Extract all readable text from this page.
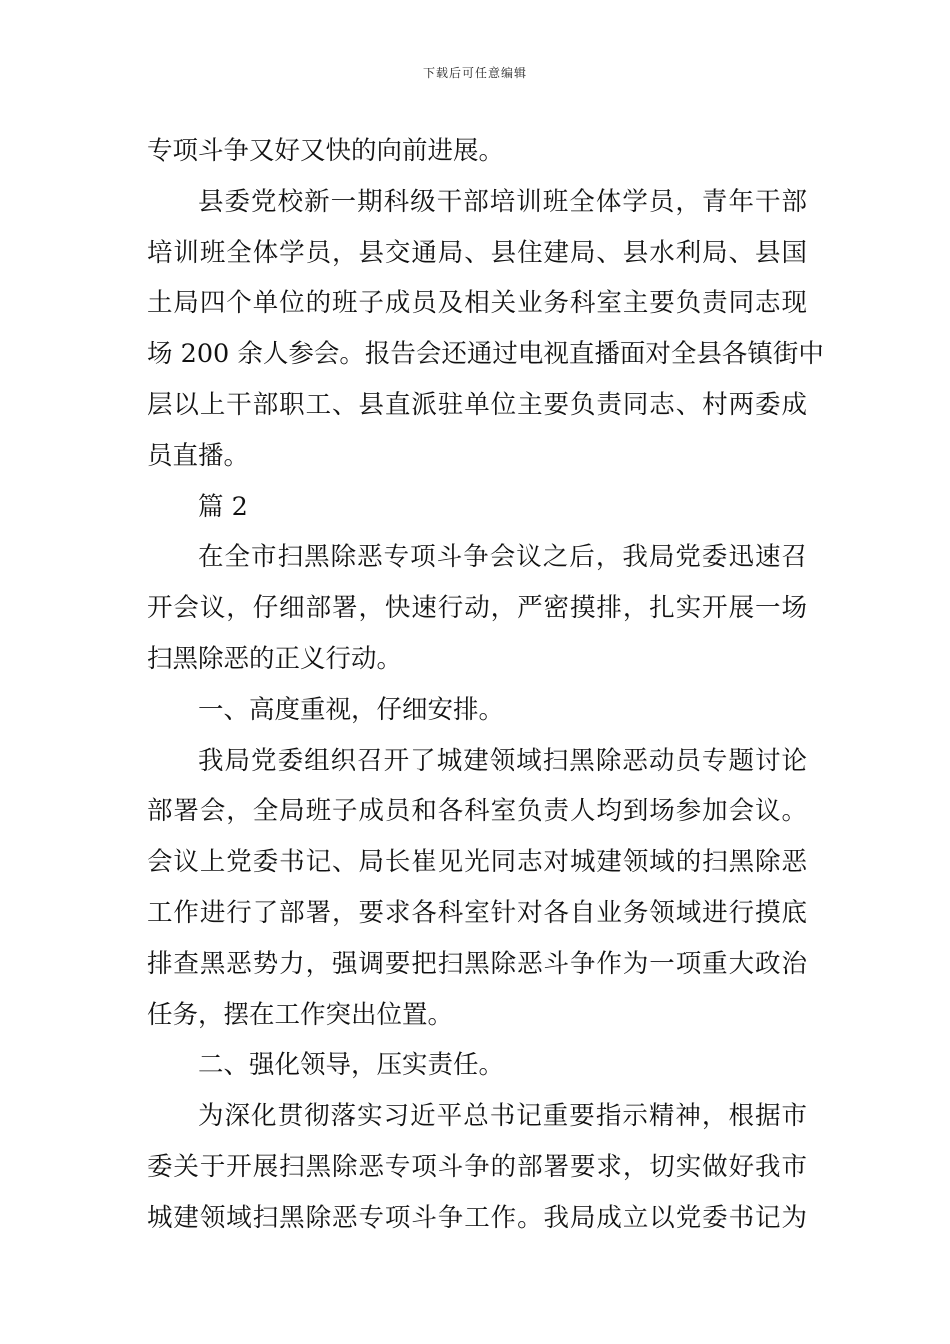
下载后可任意编辑
专项斗争又好又快的向前进展。
县委党校新一期科级干部培训班全体学员，青年干部
培训班全体学员，县交通局、县住建局、县水利局、县国
土局四个单位的班子成员及相关业务科室主要负责同志现
场 200 余人参会。报告会还通过电视直播面对全县各镇街中
层以上干部职工、县直派驻单位主要负责同志、村两委成
员直播。
篇 2
在全市扫黑除恶专项斗争会议之后，我局党委迅速召
开会议，仔细部署，快速行动，严密摸排，扎实开展一场
扫黑除恶的正义行动。
一、高度重视，仔细安排。
我局党委组织召开了城建领域扫黑除恶动员专题讨论
部署会，全局班子成员和各科室负责人均到场参加会议。
会议上党委书记、局长崔见光同志对城建领域的扫黑除恶
工作进行了部署，要求各科室针对各自业务领域进行摸底
排查黑恶势力，强调要把扫黑除恶斗争作为一项重大政治
任务，摆在工作突出位置。
二、强化领导，压实责任。
为深化贯彻落实习近平总书记重要指示精神，根据市
委关于开展扫黑除恶专项斗争的部署要求，切实做好我市
城建领域扫黑除恶专项斗争工作。我局成立以党委书记为
